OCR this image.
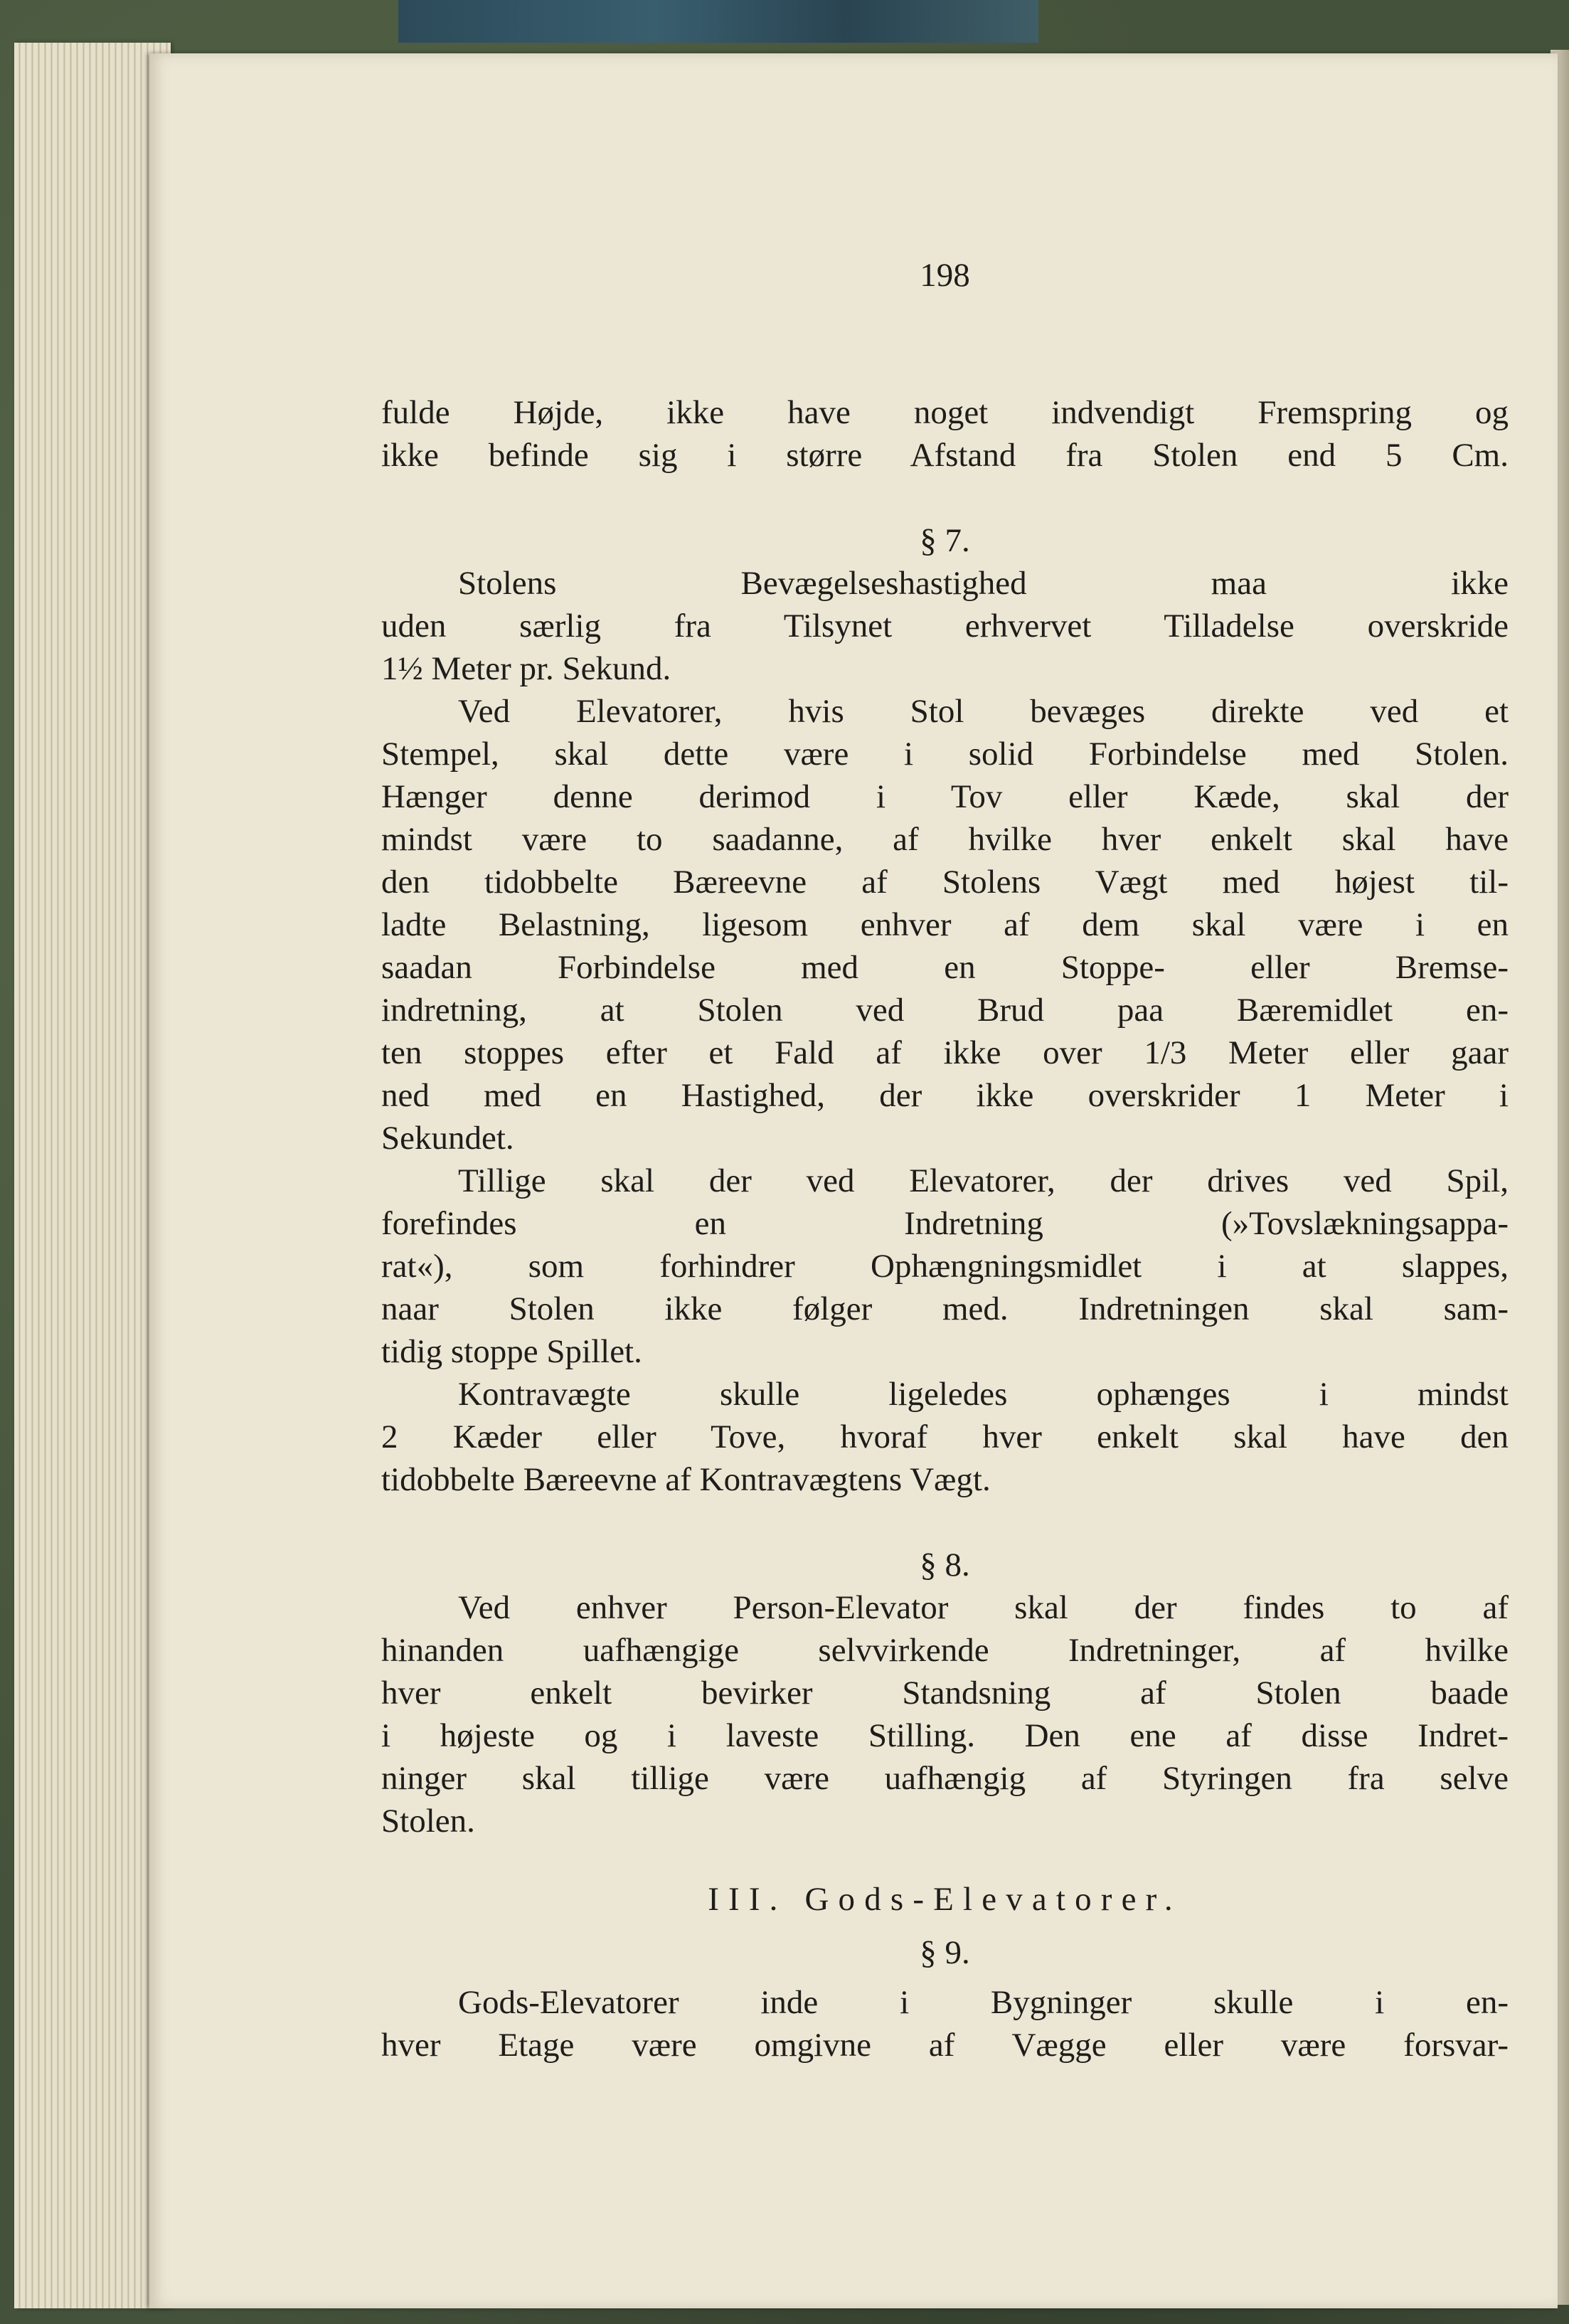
198
fulde Højde, ikke have noget indvendigt Fremspring og
ikke befinde sig i større Afstand fra Stolen end 5 Cm.
§ 7.
Stolens Bevægelseshastighed maa ikke
uden særlig fra Tilsynet erhvervet Tilladelse overskride
1½ Meter pr. Sekund.
Ved Elevatorer, hvis Stol bevæges direkte ved et
Stempel, skal dette være i solid Forbindelse med Stolen.
Hænger denne derimod i Tov eller Kæde, skal der
mindst være to saadanne, af hvilke hver enkelt skal have
den tidobbelte Bæreevne af Stolens Vægt med højest til-
ladte Belastning, ligesom enhver af dem skal være i en
saadan Forbindelse med en Stoppe- eller Bremse-
indretning, at Stolen ved Brud paa Bæremidlet en-
ten stoppes efter et Fald af ikke over 1/3 Meter eller gaar
ned med en Hastighed, der ikke overskrider 1 Meter i
Sekundet.
Tillige skal der ved Elevatorer, der drives ved Spil,
forefindes en Indretning (»Tovslækningsappa-
rat«), som forhindrer Ophængningsmidlet i at slappes,
naar Stolen ikke følger med. Indretningen skal sam-
tidig stoppe Spillet.
Kontravægte skulle ligeledes ophænges i mindst
2 Kæder eller Tove, hvoraf hver enkelt skal have den
tidobbelte Bæreevne af Kontravægtens Vægt.
§ 8.
Ved enhver Person-Elevator skal der findes to af
hinanden uafhængige selvvirkende Indretninger, af hvilke
hver enkelt bevirker Standsning af Stolen baade
i højeste og i laveste Stilling. Den ene af disse Indret-
ninger skal tillige være uafhængig af Styringen fra selve
Stolen.
III. Gods-Elevatorer.
§ 9.
Gods-Elevatorer inde i Bygninger skulle i en-
hver Etage være omgivne af Vægge eller være forsvar-
